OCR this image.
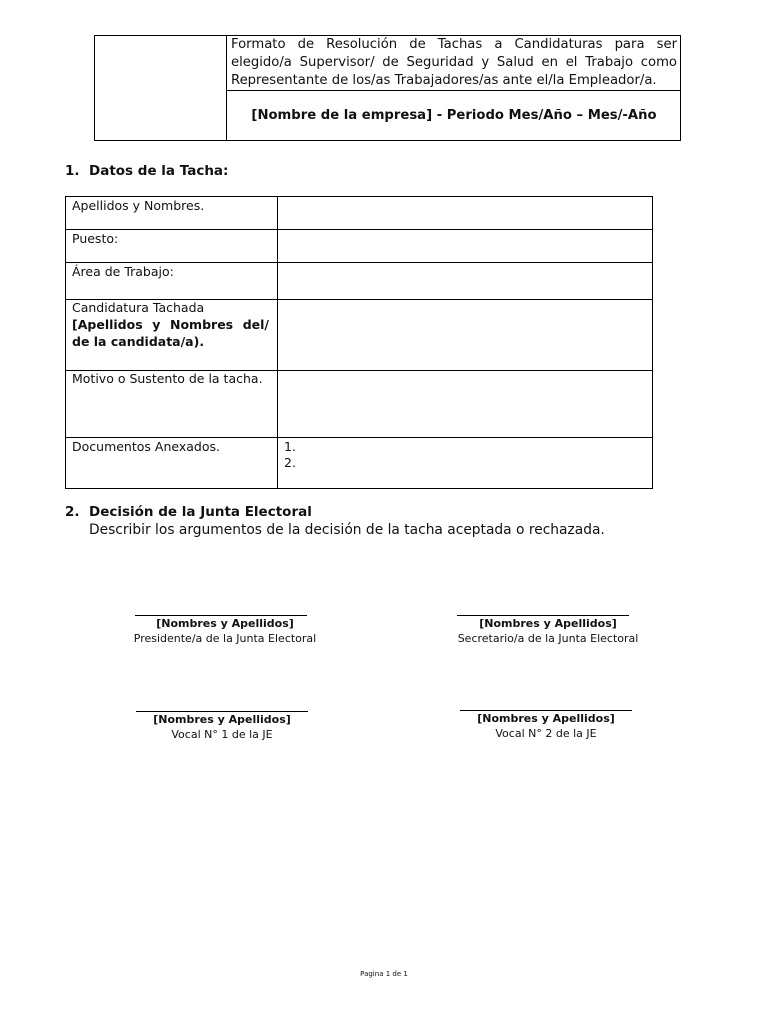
Formato de Resolución de Tachas a Candidaturas para ser elegido/a Supervisor/ de Seguridad y Salud en el Trabajo como Representante de los/as Trabajadores/as ante el/la Empleador/a.
[Nombre de la empresa] - Periodo Mes/Año – Mes/-Año
1. Datos de la Tacha:
Apellidos y Nombres.
Puesto:
Área de Trabajo:
Candidatura Tachada
[Apellidos y Nombres del/ de la candidata/a).
Motivo o Sustento de la tacha.
Documentos Anexados.	1.
2.
2. Decisión de la Junta Electoral
Describir los argumentos de la decisión de la tacha aceptada o rechazada.
[Nombres y Apellidos]
Presidente/a de la Junta Electoral
[Nombres y Apellidos]
Secretario/a de la Junta Electoral
[Nombres y Apellidos]
Vocal N° 1 de la JE
[Nombres y Apellidos]
Vocal N° 2 de la JE
Pagina 1 de 1
